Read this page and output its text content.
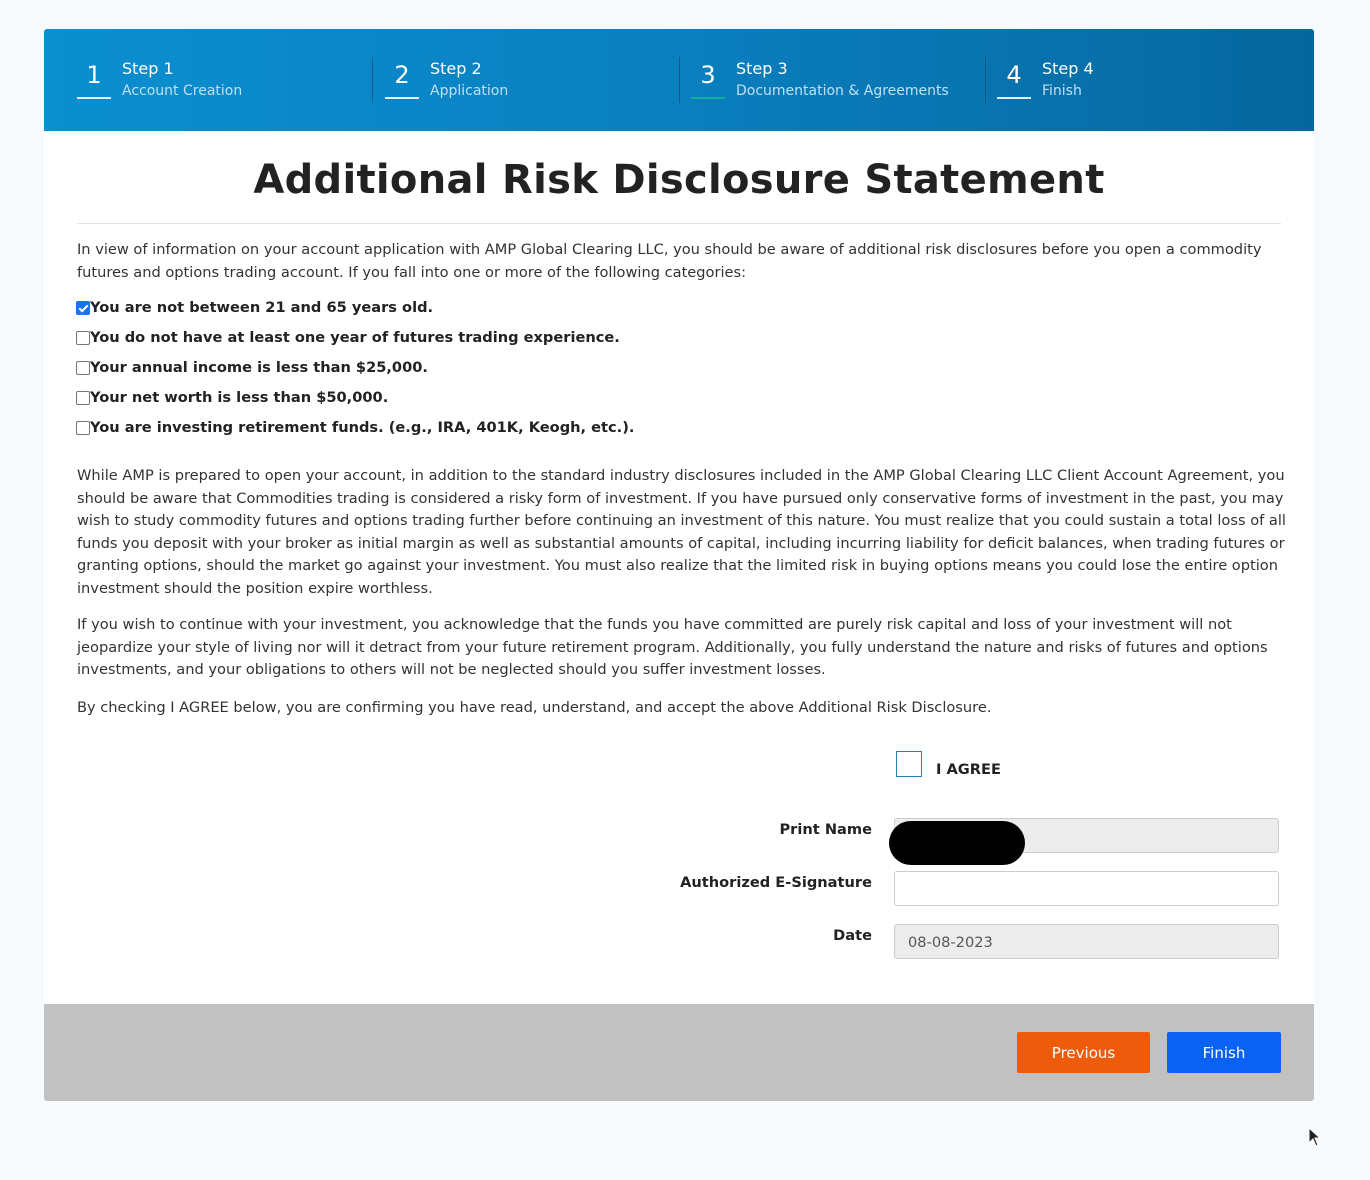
1	Step 1
Account Creation
2	Step 2
Application
3	Step 3
Documentation & Agreements
4	Step 4
Finish
Additional Risk Disclosure Statement

In view of information on your account application with AMP Global Clearing LLC, you should be aware of additional risk disclosures before you open a commodity futures and options trading account. If you fall into one or more of the following categories:

You are not between 21 and 65 years old.
You do not have at least one year of futures trading experience.
Your annual income is less than $25,000.
Your net worth is less than $50,000.
You are investing retirement funds. (e.g., IRA, 401K, Keogh, etc.).

While AMP is prepared to open your account, in addition to the standard industry disclosures included in the AMP Global Clearing LLC Client Account Agreement, you should be aware that Commodities trading is considered a risky form of investment. If you have pursued only conservative forms of investment in the past, you may wish to study commodity futures and options trading further before continuing an investment of this nature. You must realize that you could sustain a total loss of all funds you deposit with your broker as initial margin as well as substantial amounts of capital, including incurring liability for deficit balances, when trading futures or granting options, should the market go against your investment. You must also realize that the limited risk in buying options means you could lose the entire option investment should the position expire worthless.

If you wish to continue with your investment, you acknowledge that the funds you have committed are purely risk capital and loss of your investment will not jeopardize your style of living nor will it detract from your future retirement program. Additionally, you fully understand the nature and risks of futures and options investments, and your obligations to others will not be neglected should you suffer investment losses.

By checking I AGREE below, you are confirming you have read, understand, and accept the above Additional Risk Disclosure.

I AGREE
Print Name
Authorized E-Signature
Date	08-08-2023
Previous	Finish
